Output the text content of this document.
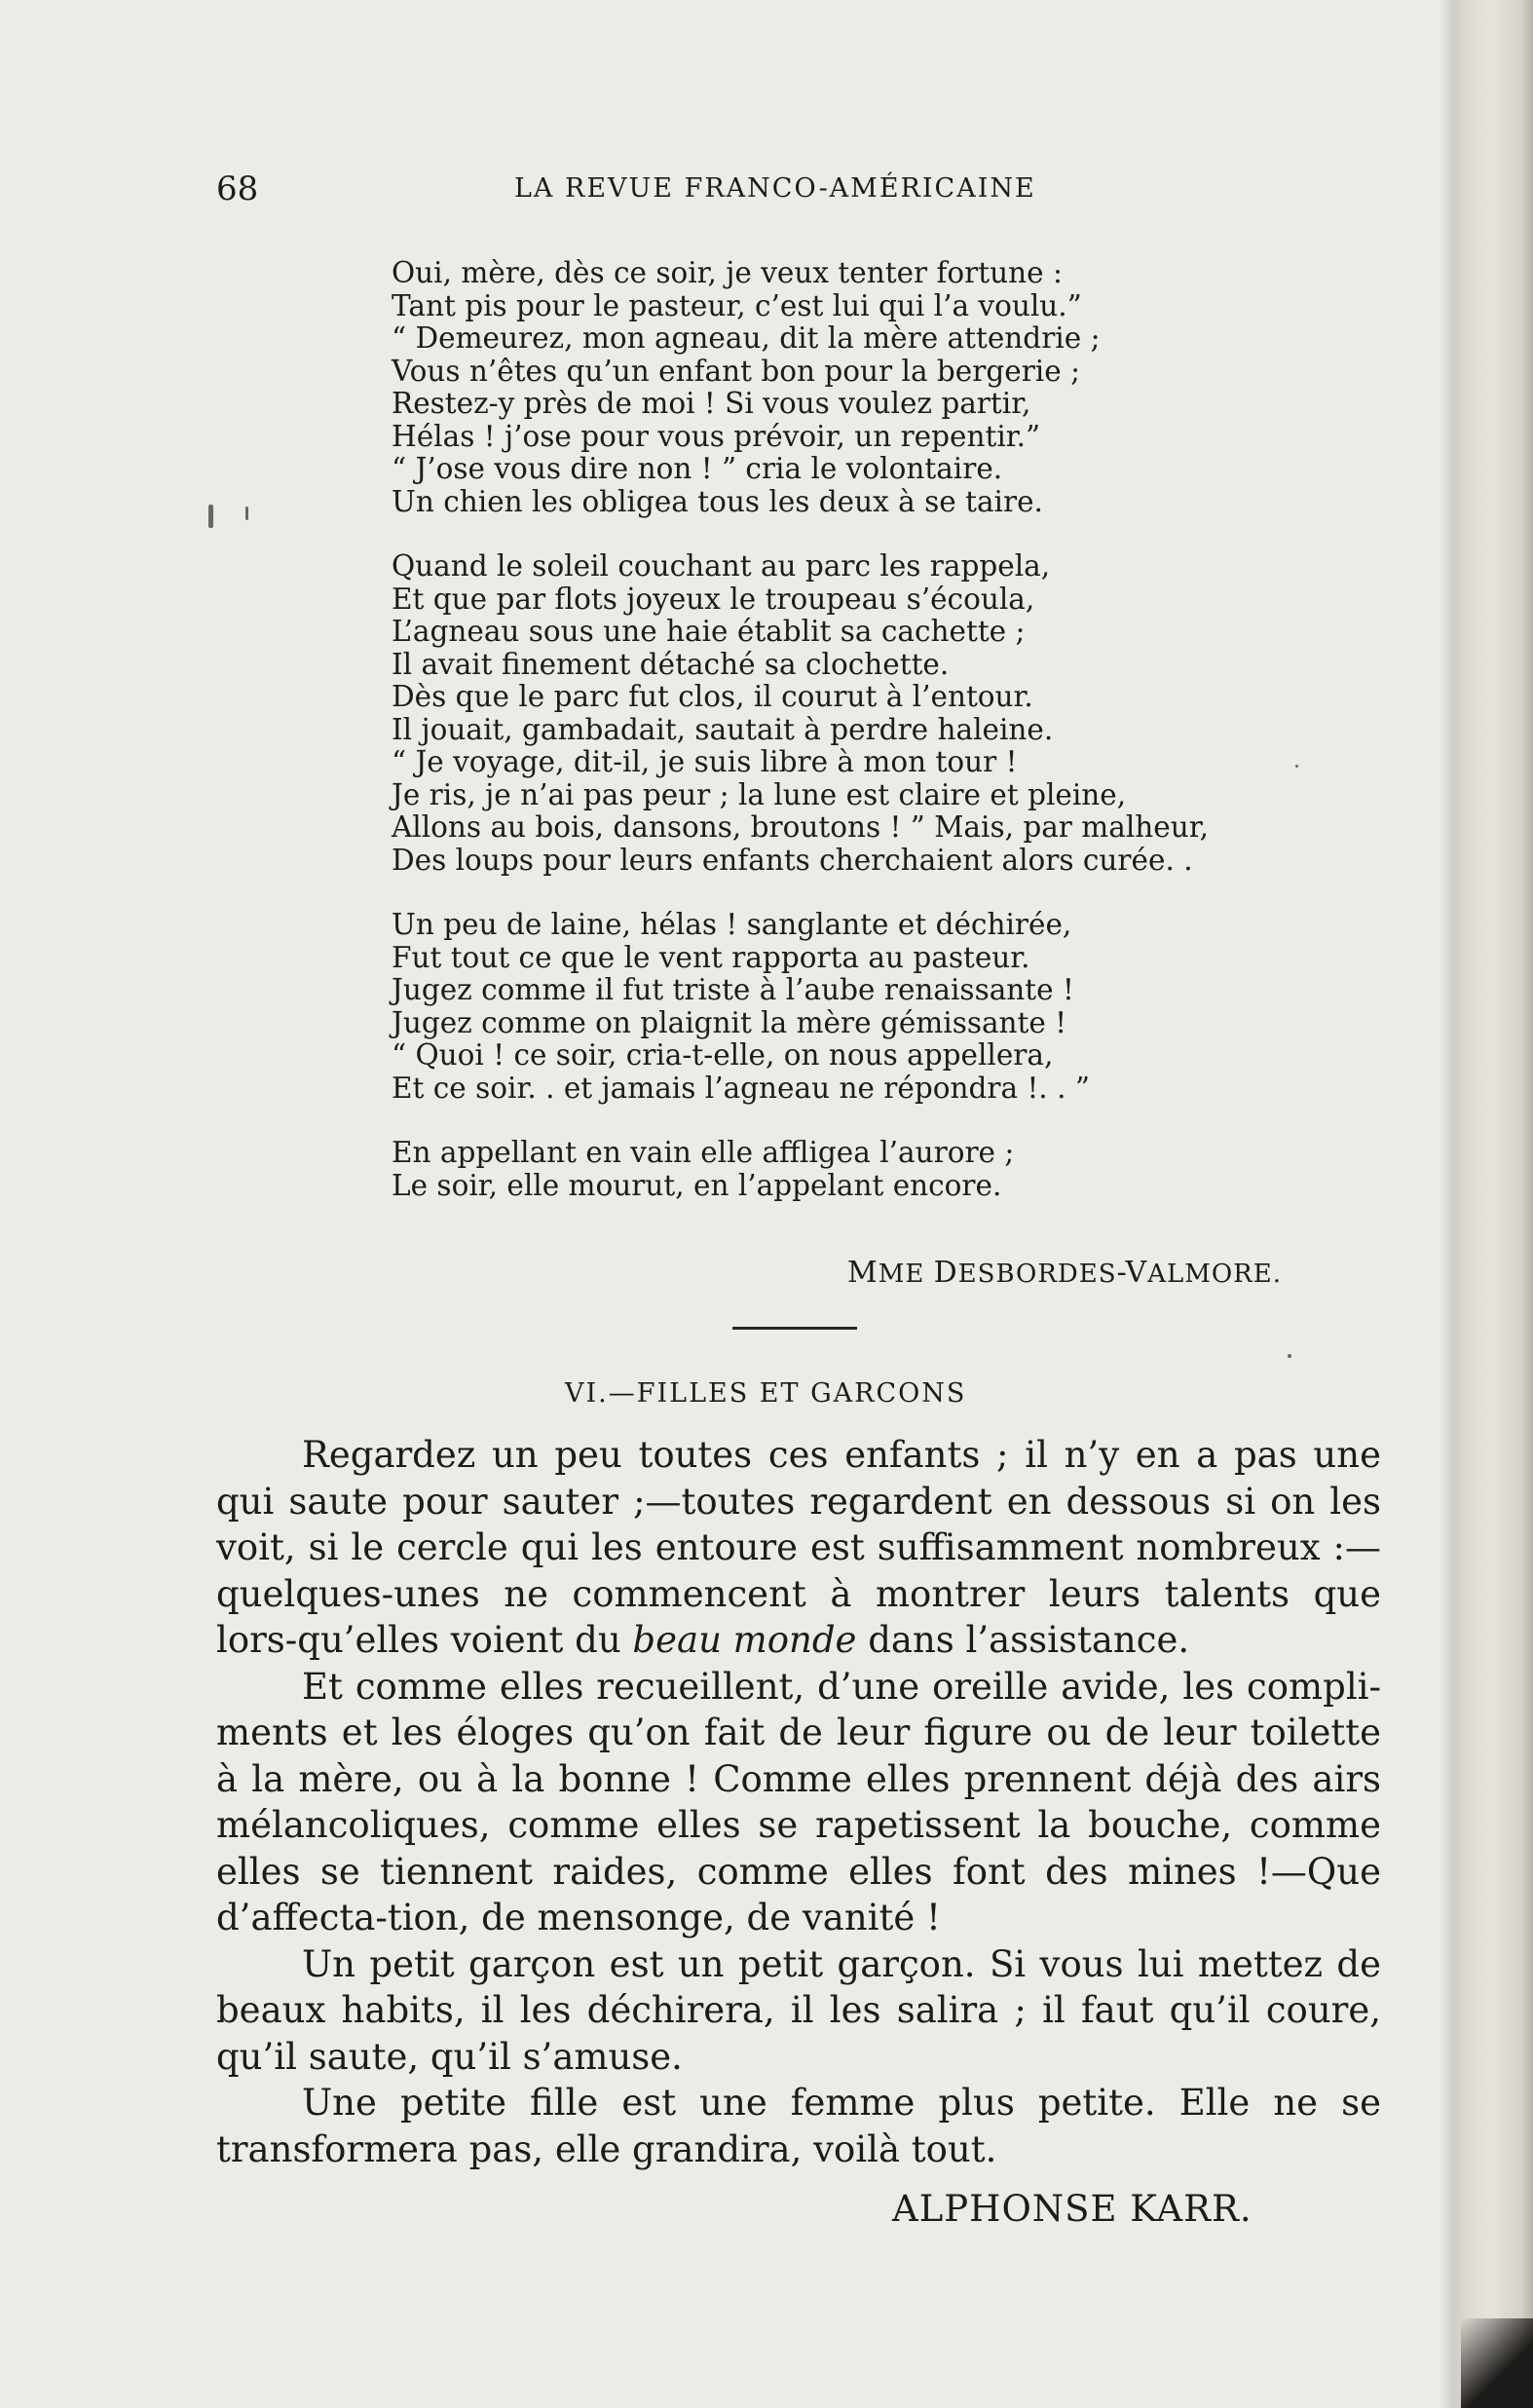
68	LA REVUE FRANCO-AMÉRICAINE
Oui, mère, dès ce soir, je veux tenter fortune :
Tant pis pour le pasteur, c’est lui qui l’a voulu.”
“ Demeurez, mon agneau, dit la mère attendrie ;
Vous n’êtes qu’un enfant bon pour la bergerie ;
Restez-y près de moi ! Si vous voulez partir,
Hélas ! j’ose pour vous prévoir, un repentir.”
“ J’ose vous dire non ! ” cria le volontaire.
Un chien les obligea tous les deux à se taire.
Quand le soleil couchant au parc les rappela,
Et que par flots joyeux le troupeau s’écoula,
L’agneau sous une haie établit sa cachette ;
Il avait finement détaché sa clochette.
Dès que le parc fut clos, il courut à l’entour.
Il jouait, gambadait, sautait à perdre haleine.
“ Je voyage, dit-il, je suis libre à mon tour !
Je ris, je n’ai pas peur ; la lune est claire et pleine,
Allons au bois, dansons, broutons ! ” Mais, par malheur,
Des loups pour leurs enfants cherchaient alors curée. .
Un peu de laine, hélas ! sanglante et déchirée,
Fut tout ce que le vent rapporta au pasteur.
Jugez comme il fut triste à l’aube renaissante !
Jugez comme on plaignit la mère gémissante !
“ Quoi ! ce soir, cria-t-elle, on nous appellera,
Et ce soir. . et jamais l’agneau ne répondra !. . ”
En appellant en vain elle affligea l’aurore ;
Le soir, elle mourut, en l’appelant encore.
MME DESBORDES-VALMORE.
VI.—FILLES ET GARCONS

Regardez un peu toutes ces enfants ; il n’y en a pas une qui saute pour sauter ;—toutes regardent en dessous si on les voit, si le cercle qui les entoure est suffisamment nombreux :—quelques-unes ne commencent à montrer leurs talents que lors-qu’elles voient du beau monde dans l’assistance.

Et comme elles recueillent, d’une oreille avide, les compli-ments et les éloges qu’on fait de leur figure ou de leur toilette à la mère, ou à la bonne ! Comme elles prennent déjà des airs mélancoliques, comme elles se rapetissent la bouche, comme elles se tiennent raides, comme elles font des mines !—Que d’affecta-tion, de mensonge, de vanité !

Un petit garçon est un petit garçon. Si vous lui mettez de beaux habits, il les déchirera, il les salira ; il faut qu’il coure, qu’il saute, qu’il s’amuse.

Une petite fille est une femme plus petite. Elle ne se transformera pas, elle grandira, voilà tout.

ALPHONSE KARR.
